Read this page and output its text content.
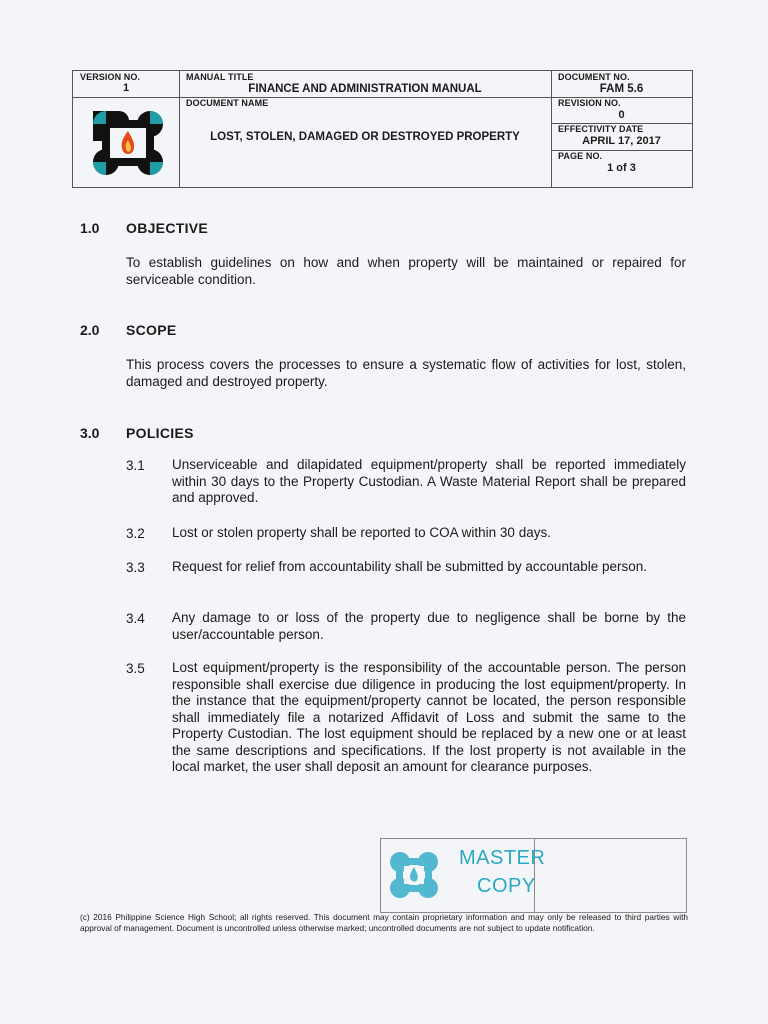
VERSION NO.
1
MANUAL TITLE
FINANCE AND ADMINISTRATION MANUAL
DOCUMENT NO.
FAM 5.6
DOCUMENT NAME
LOST, STOLEN, DAMAGED OR DESTROYED PROPERTY
REVISION NO.
0
EFFECTIVITY DATE
APRIL 17, 2017
PAGE NO.
1 of 3
1.0 OBJECTIVE
To establish guidelines on how and when property will be maintained or repaired for serviceable condition.
2.0 SCOPE
This process covers the processes to ensure a systematic flow of activities for lost, stolen, damaged and destroyed property.
3.0 POLICIES
3.1 Unserviceable and dilapidated equipment/property shall be reported immediately within 30 days to the Property Custodian. A Waste Material Report shall be prepared and approved.
3.2 Lost or stolen property shall be reported to COA within 30 days.
3.3 Request for relief from accountability shall be submitted by accountable person.
3.4 Any damage to or loss of the property due to negligence shall be borne by the user/accountable person.
3.5 Lost equipment/property is the responsibility of the accountable person. The person responsible shall exercise due diligence in producing the lost equipment/property. In the instance that the equipment/property cannot be located, the person responsible shall immediately file a notarized Affidavit of Loss and submit the same to the Property Custodian. The lost equipment should be replaced by a new one or at least the same descriptions and specifications. If the lost property is not available in the local market, the user shall deposit an amount for clearance purposes.
MASTER
COPY
(c) 2016 Philippine Science High School; all rights reserved. This document may contain proprietary information and may only be released to third parties with approval of management. Document is uncontrolled unless otherwise marked; uncontrolled documents are not subject to update notification.
